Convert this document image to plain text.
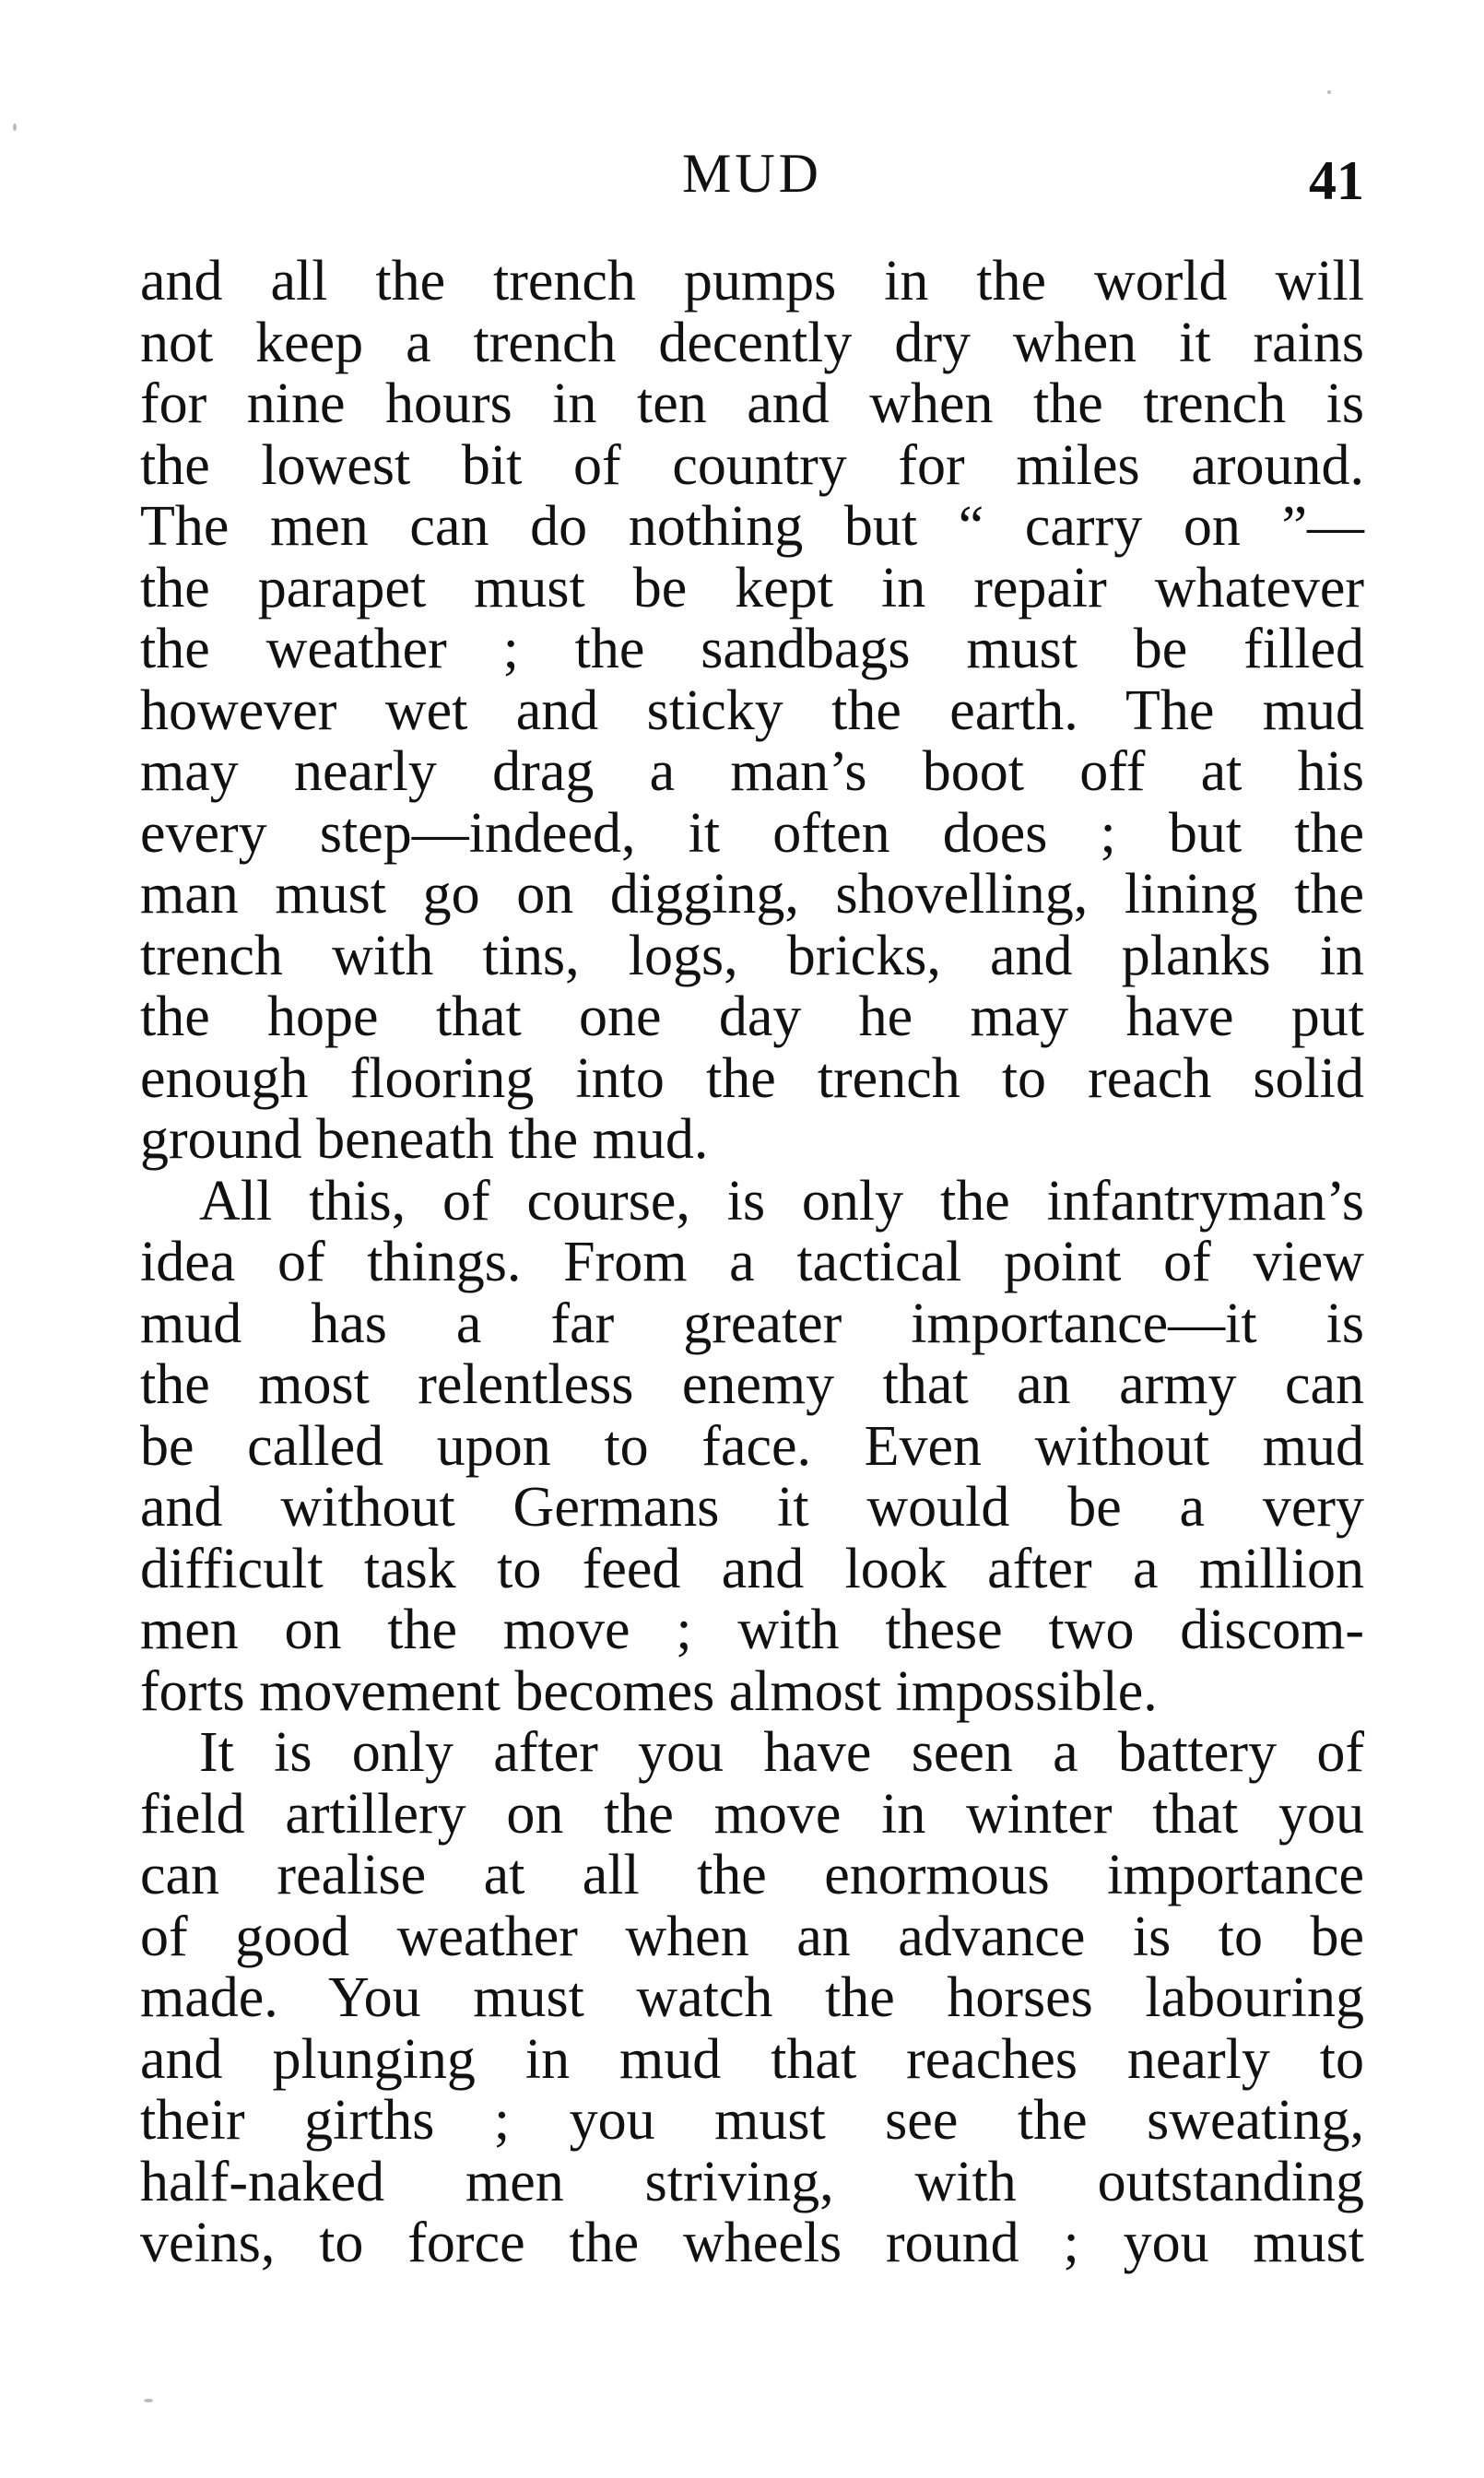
MUD	41
and all the trench pumps in the world will
not keep a trench decently dry when it rains
for nine hours in ten and when the trench is
the lowest bit of country for miles around.
The men can do nothing but “ carry on ”—
the parapet must be kept in repair whatever
the weather ; the sandbags must be filled
however wet and sticky the earth. The mud
may nearly drag a man’s boot off at his
every step—indeed, it often does ; but the
man must go on digging, shovelling, lining the
trench with tins, logs, bricks, and planks in
the hope that one day he may have put
enough flooring into the trench to reach solid
ground beneath the mud.
All this, of course, is only the infantryman’s
idea of things. From a tactical point of view
mud has a far greater importance—it is
the most relentless enemy that an army can
be called upon to face. Even without mud
and without Germans it would be a very
difficult task to feed and look after a million
men on the move ; with these two discom-
forts movement becomes almost impossible.
It is only after you have seen a battery of
field artillery on the move in winter that you
can realise at all the enormous importance
of good weather when an advance is to be
made. You must watch the horses labouring
and plunging in mud that reaches nearly to
their girths ; you must see the sweating,
half-naked men striving, with outstanding
veins, to force the wheels round ; you must
